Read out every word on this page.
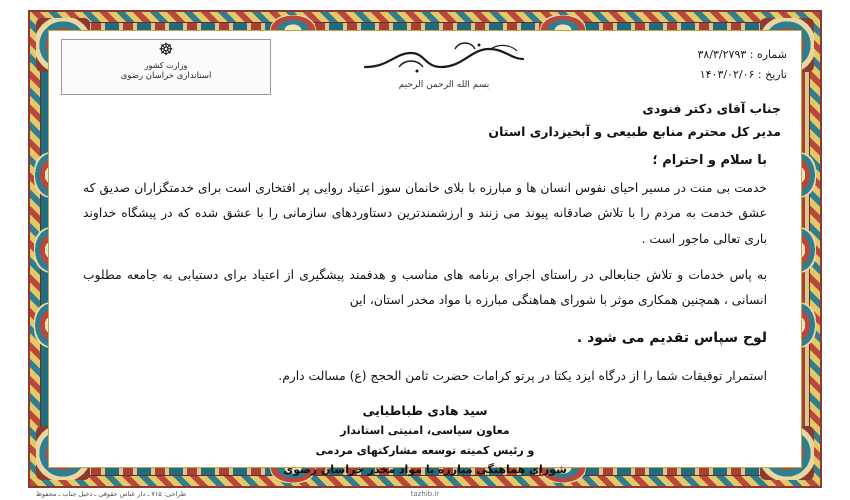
شماره : ۳۸/۳/۲۷۹۳
تاریخ : ۱۴۰۳/۰۲/۰۶
بسم الله الرحمن الرحیم
☸
وزارت کشور
استانداری خراسان رضوی
جناب آقای دکتر فنودی
مدیر کل محترم منابع طبیعی و آبخیزداری استان
با سلام و احترام ؛

خدمت بی منت در مسیر احیای نفوس انسان ها و مبارزه با بلای خانمان سوز اعتیاد روایی پر افتخاری است برای خدمتگزاران صدیق که عشق خدمت به مردم را با تلاش صادقانه پیوند می زنند و ارزشمندترین دستاوردهای سازمانی را با عشق شده که در پیشگاه خداوند باری تعالی ماجور است .

به پاس خدمات و تلاش جنابعالی در راستای اجرای برنامه های مناسب و هدفمند پیشگیری از اعتیاد برای دستیابی به جامعه مطلوب انسانی ، همچنین همکاری موثر با شورای هماهنگی مبارزه با مواد مخدر استان، این

لوح سپاس تقدیم می شود .

استمرار توفیقات شما را از درگاه ایزد یکتا در پرتو کرامات حضرت ثامن الحجج (ع) مسالت دارم.

سید هادی طباطبایی
معاون سیاسی، امنیتی استاندار
و رئیس کمیته توسعه مشارکتهای مردمی
شورای هماهنگی مبارزه با مواد مخدر خراسان رضوی
طراحی: ۷۱۵ ـ دار عباس حقوقی ـ دخیل جناب ـ محفوظ	tazhib.ir
